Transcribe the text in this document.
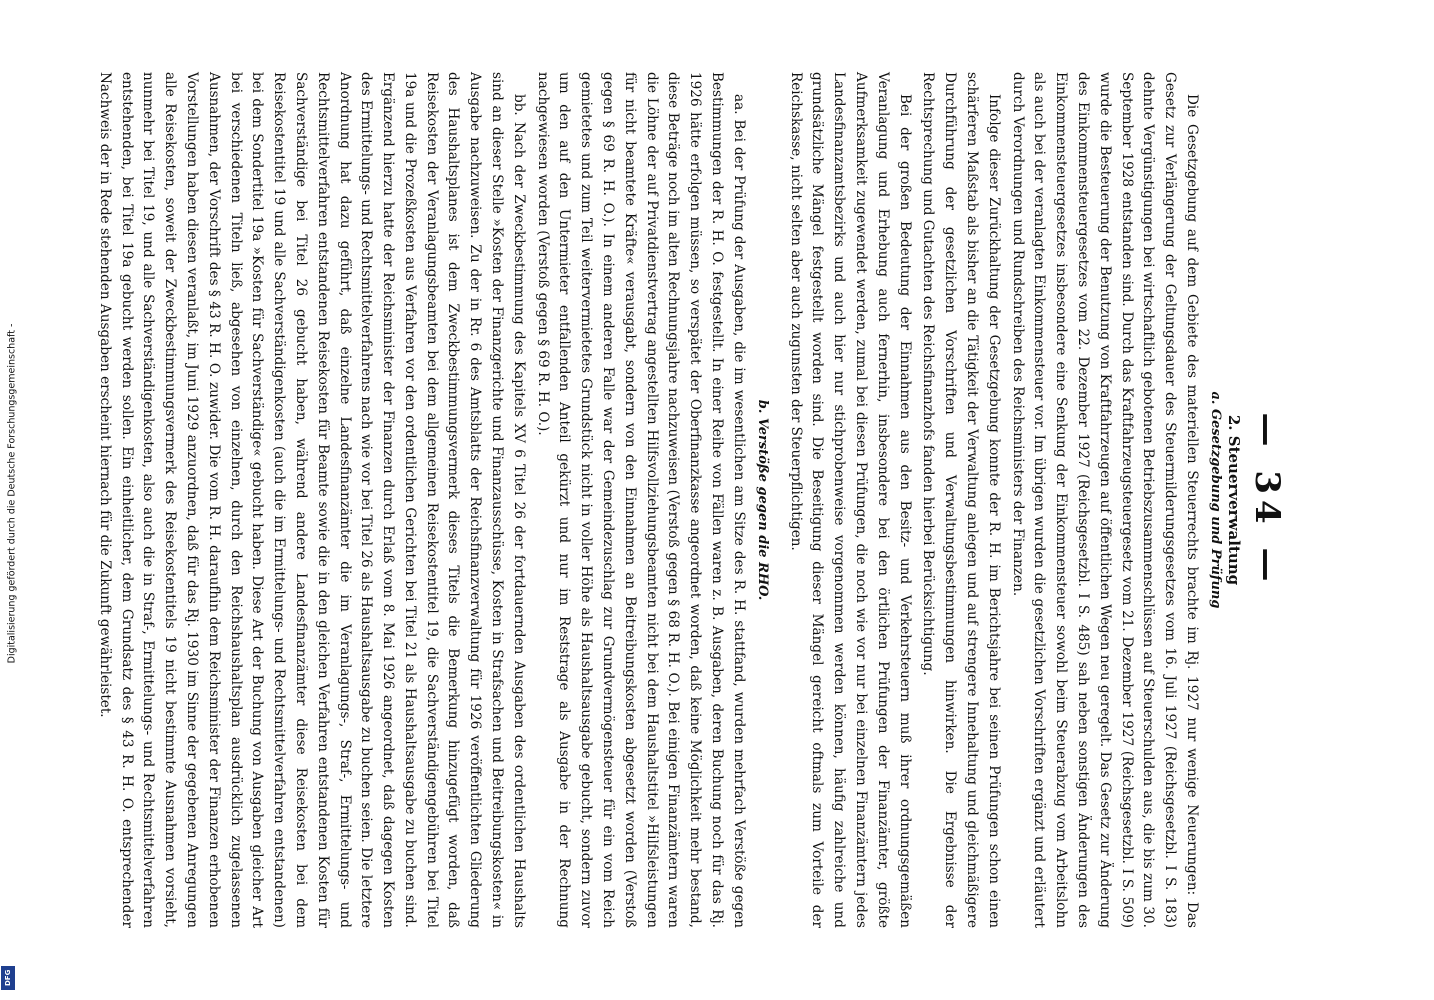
— 34 —
2. Steuerverwaltung
a. Gesetzgebung und Prüfung

Die Gesetzgebung auf dem Gebiete des materiellen Steuerrechts brachte im Rj. 1927 nur wenige Neuerungen: Das Gesetz zur Verlängerung der Geltungsdauer des Steuermilderungsgesetzes vom 16. Juli 1927 (Reichsgesetzbl. I S. 183) dehnte Vergünstigungen bei wirtschaftlich gebotenen Betriebszusammenschlüssen auf Steuerschulden aus, die bis zum 30. September 1928 entstanden sind. Durch das Kraftfahrzeugsteuergesetz vom 21. Dezember 1927 (Reichsgesetzbl. I S. 509) wurde die Besteuerung der Benutzung von Kraftfahrzeugen auf öffentlichen Wegen neu geregelt. Das Gesetz zur Änderung des Einkommensteuergesetzes vom 22. Dezember 1927 (Reichsgesetzbl. I S. 485) sah neben sonstigen Änderungen des Einkommensteuergesetzes insbesondere eine Senkung der Einkommensteuer sowohl beim Steuerabzug vom Arbeitslohn als auch bei der veranlagten Einkommensteuer vor. Im übrigen wurden die gesetzlichen Vorschriften ergänzt und erläutert durch Verordnungen und Rundschreiben des Reichsministers der Finanzen.

Infolge dieser Zurückhaltung der Gesetzgebung konnte der R. H. im Berichtsjahre bei seinen Prüfungen schon einen schärferen Maßstab als bisher an die Tätigkeit der Verwaltung anlegen und auf strengere Innehaltung und gleichmäßigere Durchführung der gesetzlichen Vorschriften und Verwaltungsbestimmungen hinwirken. Die Ergebnisse der Rechtsprechung und Gutachten des Reichsfinanzhofs fanden hierbei Berücksichtigung.

Bei der großen Bedeutung der Einnahmen aus den Besitz- und Verkehrsteuern muß ihrer ordnungsgemäßen Veranlagung und Erhebung auch fernerhin, insbesondere bei den örtlichen Prüfungen der Finanzämter, größte Aufmerksamkeit zugewendet werden, zumal bei diesen Prüfungen, die noch wie vor nur bei einzelnen Finanzämtern jedes Landesfinanzamtsbezirks und auch hier nur stichprobenweise vorgenommen werden können, häufig zahlreiche und grundsätzliche Mängel festgestellt worden sind. Die Beseitigung dieser Mängel gereicht oftmals zum Vorteile der Reichskasse, nicht selten aber auch zugunsten der Steuerpflichtigen.

b. Verstöße gegen die RHO.

aa. Bei der Prüfung der Ausgaben, die im wesentlichen am Sitze des R. H. stattfand, wurden mehrfach Verstöße gegen Bestimmungen der R. H. O. festgestellt. In einer Reihe von Fällen waren z. B. Ausgaben, deren Buchung noch für das Rj. 1926 hätte erfolgen müssen, so verspätet der Oberfinanzkasse angeordnet worden, daß keine Möglichkeit mehr bestand, diese Beträge noch im alten Rechnungsjahre nachzuweisen (Verstoß gegen § 68 R. H. O.). Bei einigen Finanzämtern waren die Löhne der auf Privatdienstvertrag angestellten Hilfsvollziehungsbeamten nicht bei dem Haushaltstitel »Hilfsleistungen für nicht beamtete Kräfte« verausgabt, sondern von den Einnahmen an Beitreibungskosten abgesetzt worden (Verstoß gegen § 69 R. H. O.). In einem anderen Falle war der Gemeindezuschlag zur Grundvermögensteuer für ein vom Reich gemietetes und zum Teil weitervermietetes Grundstück nicht in voller Höhe als Haushaltsausgabe gebucht, sondern zuvor um den auf den Untermieter entfallenden Anteil gekürzt und nur im Reststrage als Ausgabe in der Rechnung nachgewiesen worden (Verstoß gegen § 69 R. H. O.).

bb. Nach der Zweckbestimmung des Kapitels XV 6 Titel 26 der fortdauernden Ausgaben des ordentlichen Haushalts sind an dieser Stelle »Kosten der Finanzgerichte und Finanzausschüsse, Kosten in Strafsachen und Beitreibungskosten« in Ausgabe nachzuweisen. Zu der in Rr. 6 des Amtsblatts der Reichsfinanzverwaltung für 1926 veröffentlichten Gliederung des Haushaltsplanes ist dem Zweckbestimmungsvermerk dieses Titels die Bemerkung hinzugefügt worden, daß Reisekosten der Veranlagungsbeamten bei dem allgemeinen Reisekostentitel 19, die Sachverständigengebühren bei Titel 19a und die Prozeßkosten aus Verfahren vor den ordentlichen Gerichten bei Titel 21 als Haushaltsausgabe zu buchen sind. Ergänzend hierzu hatte der Reichsminister der Finanzen durch Erlaß vom 8. Mai 1926 angeordnet, daß dagegen Kosten des Ermittelungs- und Rechtsmittelverfahrens nach wie vor bei Titel 26 als Haushaltsausgabe zu buchen seien. Die letztere Anordnung hat dazu geführt, daß einzelne Landesfinanzämter die im Veranlagungs-, Straf-, Ermittelungs- und Rechtsmittelverfahren entstandenen Reisekosten für Beamte sowie die in den gleichen Verfahren entstandenen Kosten für Sachverständige bei Titel 26 gebucht haben, während andere Landesfinanzämter diese Reisekosten bei dem Reisekostentitel 19 und alle Sachverständigenkosten (auch die im Ermittelungs- und Rechtsmittelverfahren entstandenen) bei dem Sondertitel 19a »Kosten für Sachverständige« gebucht haben. Diese Art der Buchung von Ausgaben gleicher Art bei verschiedenen Titeln ließ, abgesehen von einzelnen, durch den Reichshaushaltsplan ausdrücklich zugelassenen Ausnahmen, der Vorschrift des § 43 R. H. O. zuwider. Die vom R. H. daraufhin dem Reichsminister der Finanzen erhobenen Vorstellungen haben diesen veranlaßt, im Juni 1929 anzuordnen, daß für das Rj. 1930 im Sinne der gegebenen Anregungen alle Reisekosten, soweit der Zweckbestimmungsvermerk des Reisekostentitels 19 nicht bestimmte Ausnahmen vorsieht, nunmehr bei Titel 19, und alle Sachverständigenkosten, also auch die in Straf-, Ermittelungs- und Rechtsmittelverfahren entstehenden, bei Titel 19a gebucht werden sollen. Ein einheitlicher, dem Grundsatz des § 43 R. H. O. entsprechender Nachweis der in Rede stehenden Ausgaben erscheint hiernach für die Zukunft gewährleistet.

Digitalisierung gefördert durch die Deutsche Forschungsgemeinschaft -
DFG
